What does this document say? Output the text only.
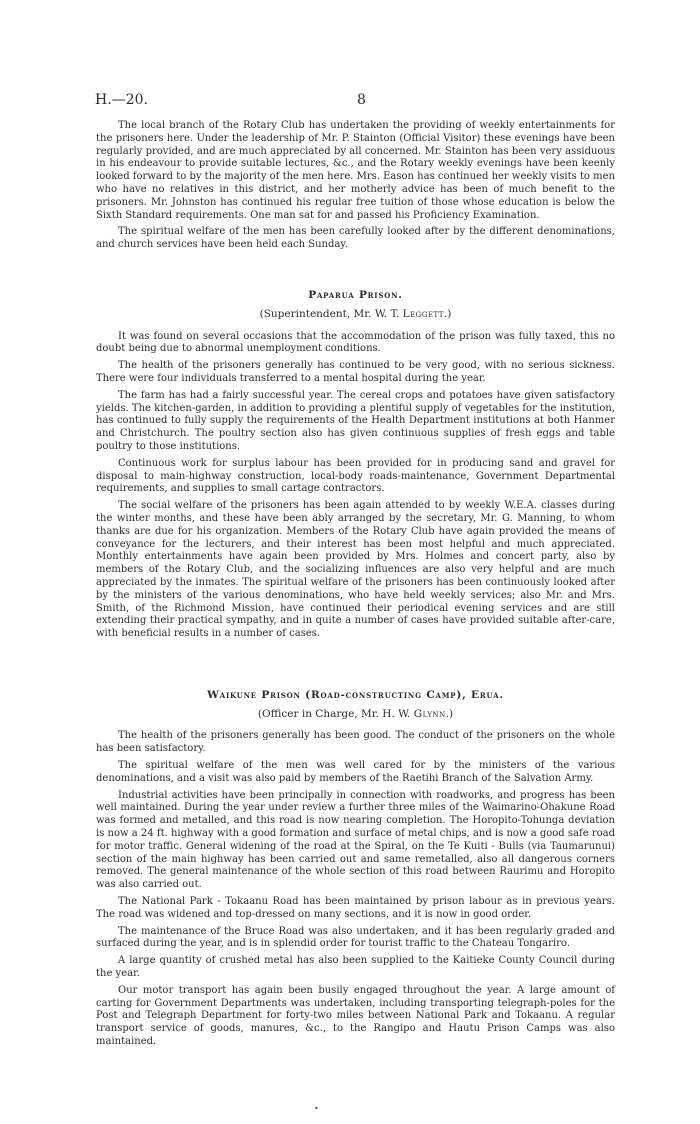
H.—20.	8

The local branch of the Rotary Club has undertaken the providing of weekly entertainments for the prisoners here. Under the leadership of Mr. P. Stainton (Official Visitor) these evenings have been regularly provided, and are much appreciated by all concerned. Mr. Stainton has been very assiduous in his endeavour to provide suitable lectures, &c., and the Rotary weekly evenings have been keenly looked forward to by the majority of the men here. Mrs. Eason has continued her weekly visits to men who have no relatives in this district, and her motherly advice has been of much benefit to the prisoners. Mr. Johnston has continued his regular free tuition of those whose education is below the Sixth Standard requirements. One man sat for and passed his Proficiency Examination.

The spiritual welfare of the men has been carefully looked after by the different denominations, and church services have been held each Sunday.

Paparua Prison.
(Superintendent, Mr. W. T. Leggett.)

It was found on several occasions that the accommodation of the prison was fully taxed, this no doubt being due to abnormal unemployment conditions.

The health of the prisoners generally has continued to be very good, with no serious sickness. There were four individuals transferred to a mental hospital during the year.

The farm has had a fairly successful year. The cereal crops and potatoes have given satisfactory yields. The kitchen-garden, in addition to providing a plentiful supply of vegetables for the institution, has continued to fully supply the requirements of the Health Department institutions at both Hanmer and Christchurch. The poultry section also has given continuous supplies of fresh eggs and table poultry to those institutions.

Continuous work for surplus labour has been provided for in producing sand and gravel for disposal to main-highway construction, local-body roads-maintenance, Government Departmental requirements, and supplies to small cartage contractors.

The social welfare of the prisoners has been again attended to by weekly W.E.A. classes during the winter months, and these have been ably arranged by the secretary, Mr. G. Manning, to whom thanks are due for his organization. Members of the Rotary Club have again provided the means of conveyance for the lecturers, and their interest has been most helpful and much appreciated. Monthly entertainments have again been provided by Mrs. Holmes and concert party, also by members of the Rotary Club, and the socializing influences are also very helpful and are much appreciated by the inmates. The spiritual welfare of the prisoners has been continuously looked after by the ministers of the various denominations, who have held weekly services; also Mr. and Mrs. Smith, of the Richmond Mission, have continued their periodical evening services and are still extending their practical sympathy, and in quite a number of cases have provided suitable after-care, with beneficial results in a number of cases.

Waikune Prison (Road-constructing Camp), Erua.
(Officer in Charge, Mr. H. W. Glynn.)

The health of the prisoners generally has been good. The conduct of the prisoners on the whole has been satisfactory.

The spiritual welfare of the men was well cared for by the ministers of the various denominations, and a visit was also paid by members of the Raetihi Branch of the Salvation Army.

Industrial activities have been principally in connection with roadworks, and progress has been well maintained. During the year under review a further three miles of the Waimarino-Ohakune Road was formed and metalled, and this road is now nearing completion. The Horopito-Tohunga deviation is now a 24 ft. highway with a good formation and surface of metal chips, and is now a good safe road for motor traffic. General widening of the road at the Spiral, on the Te Kuiti - Bulls (via Taumarunui) section of the main highway has been carried out and same remetalled, also all dangerous corners removed. The general maintenance of the whole section of this road between Raurimu and Horopito was also carried out.

The National Park - Tokaanu Road has been maintained by prison labour as in previous years. The road was widened and top-dressed on many sections, and it is now in good order.

The maintenance of the Bruce Road was also undertaken, and it has been regularly graded and surfaced during the year, and is in splendid order for tourist traffic to the Chateau Tongariro.

A large quantity of crushed metal has also been supplied to the Kaitieke County Council during the year.

Our motor transport has again been busily engaged throughout the year. A large amount of carting for Government Departments was undertaken, including transporting telegraph-poles for the Post and Telegraph Department for forty-two miles between National Park and Tokaanu. A regular transport service of goods, manures, &c., to the Rangipo and Hautu Prison Camps was also maintained.

•
